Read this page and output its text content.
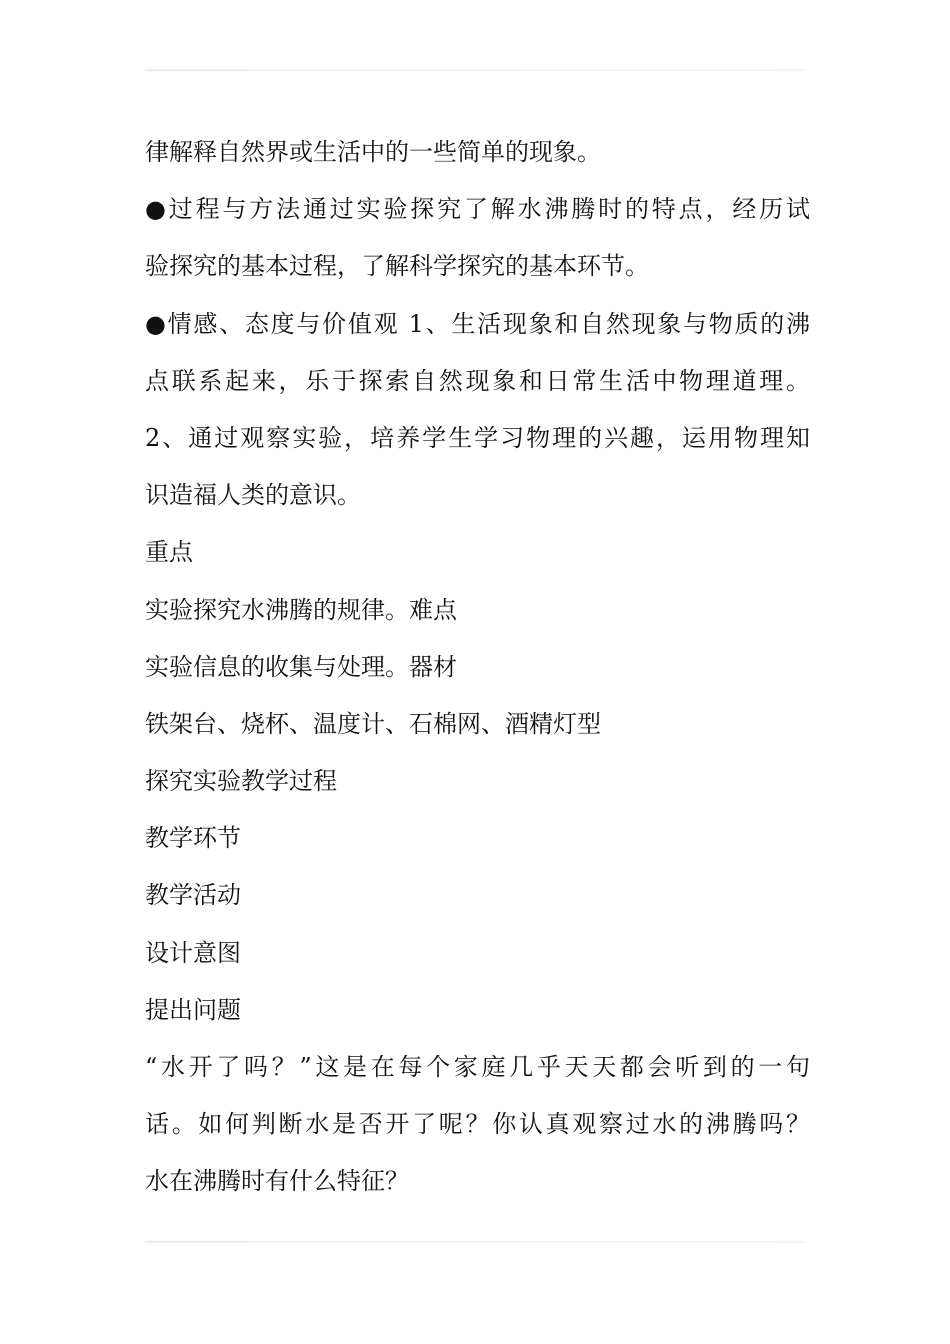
律解释自然界或生活中的一些简单的现象。
●过程与方法通过实验探究了解水沸腾时的特点，经历试
验探究的基本过程，了解科学探究的基本环节。
●情感、态度与价值观 1、生活现象和自然现象与物质的沸
点联系起来，乐于探索自然现象和日常生活中物理道理。
2、通过观察实验，培养学生学习物理的兴趣，运用物理知
识造福人类的意识。
重点
实验探究水沸腾的规律。难点
实验信息的收集与处理。器材
铁架台、烧杯、温度计、石棉网、酒精灯型
探究实验教学过程
教学环节
教学活动
设计意图
提出问题
“水开了吗？”这是在每个家庭几乎天天都会听到的一句
话。如何判断水是否开了呢？你认真观察过水的沸腾吗？
水在沸腾时有什么特征？
